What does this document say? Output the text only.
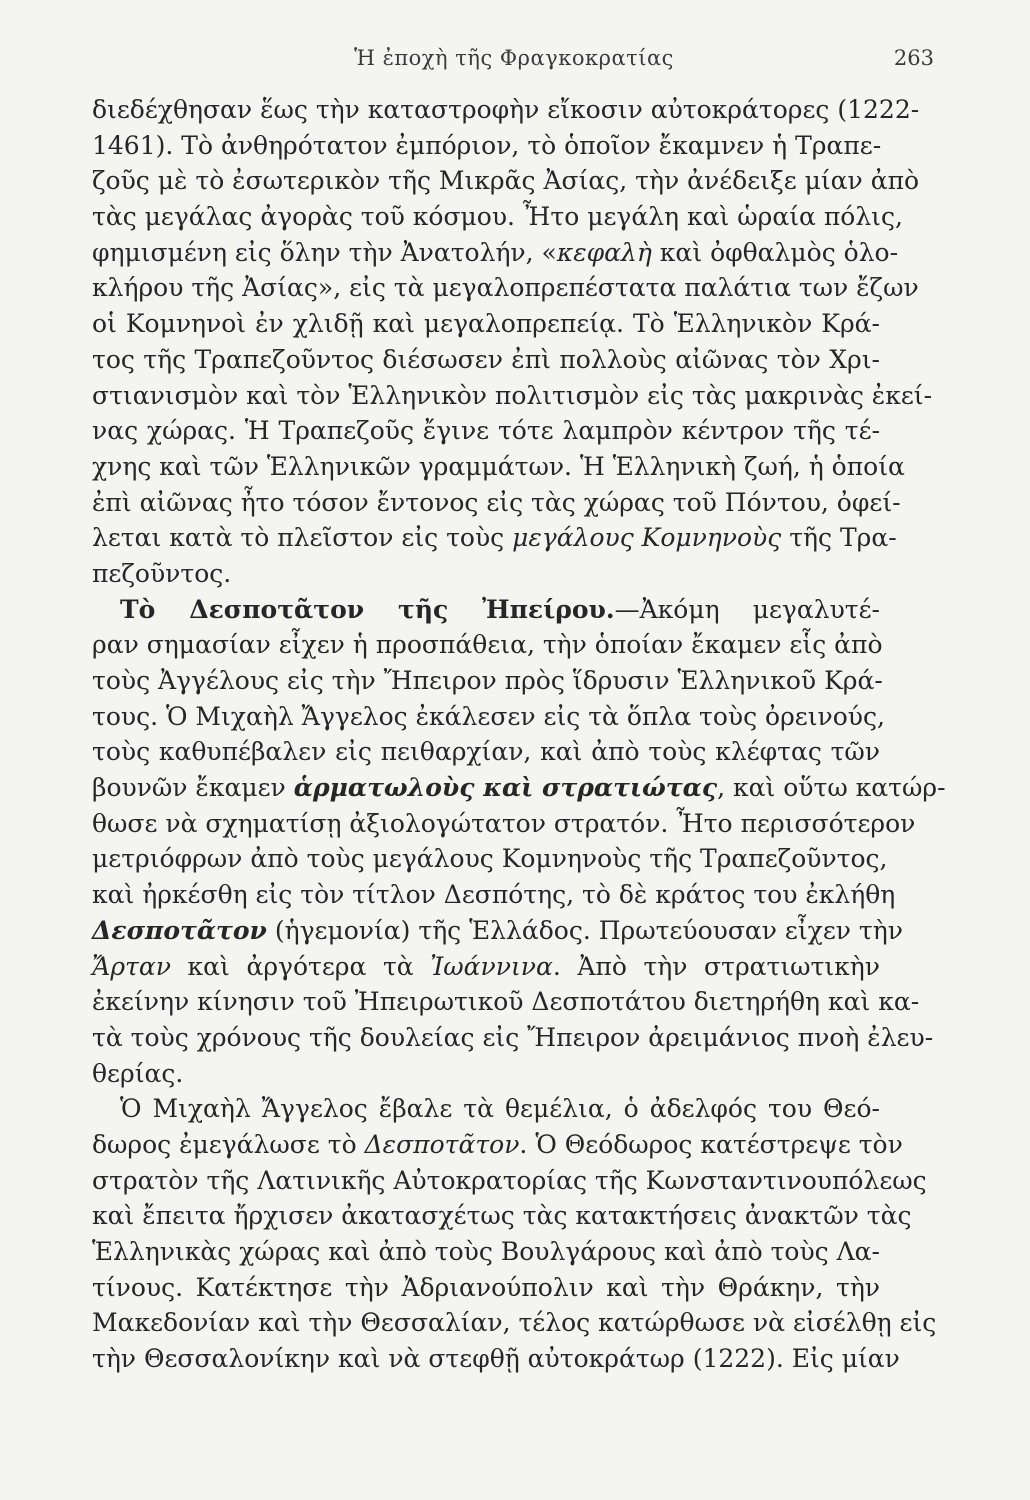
Ἡ ἐποχὴ τῆς Φραγκοκρατίας	263
διεδέχθησαν ἕως τὴν καταστροφὴν εἴκοσιν αὐτοκράτορες (1222-
1461). Τὸ ἀνθηρότατον ἐμπόριον, τὸ ὁποῖον ἔκαμνεν ἡ Τραπε-
ζοῦς μὲ τὸ ἐσωτερικὸν τῆς Μικρᾶς Ἀσίας, τὴν ἀνέδειξε μίαν ἀπὸ
τὰς μεγάλας ἀγορὰς τοῦ κόσμου. Ἦτο μεγάλη καὶ ὡραία πόλις,
φημισμένη εἰς ὅλην τὴν Ἀνατολήν, «κεφαλὴ καὶ ὀφθαλμὸς ὁλο-
κλήρου τῆς Ἀσίας», εἰς τὰ μεγαλοπρεπέστατα παλάτια των ἔζων
οἱ Κομνηνοὶ ἐν χλιδῇ καὶ μεγαλοπρεπείᾳ. Τὸ Ἑλληνικὸν Κρά-
τος τῆς Τραπεζοῦντος διέσωσεν ἐπὶ πολλοὺς αἰῶνας τὸν Χρι-
στιανισμὸν καὶ τὸν Ἑλληνικὸν πολιτισμὸν εἰς τὰς μακρινὰς ἐκεί-
νας χώρας. Ἡ Τραπεζοῦς ἔγινε τότε λαμπρὸν κέντρον τῆς τέ-
χνης καὶ τῶν Ἑλληνικῶν γραμμάτων. Ἡ Ἑλληνικὴ ζωή, ἡ ὁποία
ἐπὶ αἰῶνας ἦτο τόσον ἔντονος εἰς τὰς χώρας τοῦ Πόντου, ὀφεί-
λεται κατὰ τὸ πλεῖστον εἰς τοὺς μεγάλους Κομνηνοὺς τῆς Τρα-
πεζοῦντος.
Τὸ Δεσποτᾶτον τῆς Ἠπείρου.—Ἀκόμη μεγαλυτέ-
ραν σημασίαν εἶχεν ἡ προσπάθεια, τὴν ὁποίαν ἔκαμεν εἷς ἀπὸ
τοὺς Ἀγγέλους εἰς τὴν Ἤπειρον πρὸς ἵδρυσιν Ἑλληνικοῦ Κρά-
τους. Ὁ Μιχαὴλ Ἄγγελος ἐκάλεσεν εἰς τὰ ὅπλα τοὺς ὀρεινούς,
τοὺς καθυπέβαλεν εἰς πειθαρχίαν, καὶ ἀπὸ τοὺς κλέφτας τῶν
βουνῶν ἔκαμεν ἁρματωλοὺς καὶ στρατιώτας, καὶ οὕτω κατώρ-
θωσε νὰ σχηματίσῃ ἀξιολογώτατον στρατόν. Ἦτο περισσότερον
μετριόφρων ἀπὸ τοὺς μεγάλους Κομνηνοὺς τῆς Τραπεζοῦντος,
καὶ ἠρκέσθη εἰς τὸν τίτλον Δεσπότης, τὸ δὲ κράτος του ἐκλήθη
Δεσποτᾶτον (ἡγεμονία) τῆς Ἑλλάδος. Πρωτεύουσαν εἶχεν τὴν
Ἄρταν καὶ ἀργότερα τὰ Ἰωάννινα. Ἀπὸ τὴν στρατιωτικὴν
ἐκείνην κίνησιν τοῦ Ἠπειρωτικοῦ Δεσποτάτου διετηρήθη καὶ κα-
τὰ τοὺς χρόνους τῆς δουλείας εἰς Ἤπειρον ἀρειμάνιος πνοὴ ἐλευ-
θερίας.
Ὁ Μιχαὴλ Ἄγγελος ἔβαλε τὰ θεμέλια, ὁ ἀδελφός του Θεό-
δωρος ἐμεγάλωσε τὸ Δεσποτᾶτον. Ὁ Θεόδωρος κατέστρεψε τὸν
στρατὸν τῆς Λατινικῆς Αὐτοκρατορίας τῆς Κωνσταντινουπόλεως
καὶ ἔπειτα ἤρχισεν ἀκατασχέτως τὰς κατακτήσεις ἀνακτῶν τὰς
Ἑλληνικὰς χώρας καὶ ἀπὸ τοὺς Βουλγάρους καὶ ἀπὸ τοὺς Λα-
τίνους. Κατέκτησε τὴν Ἀδριανούπολιν καὶ τὴν Θράκην, τὴν
Μακεδονίαν καὶ τὴν Θεσσαλίαν, τέλος κατώρθωσε νὰ εἰσέλθῃ εἰς
τὴν Θεσσαλονίκην καὶ νὰ στεφθῇ αὐτοκράτωρ (1222). Εἰς μίαν
